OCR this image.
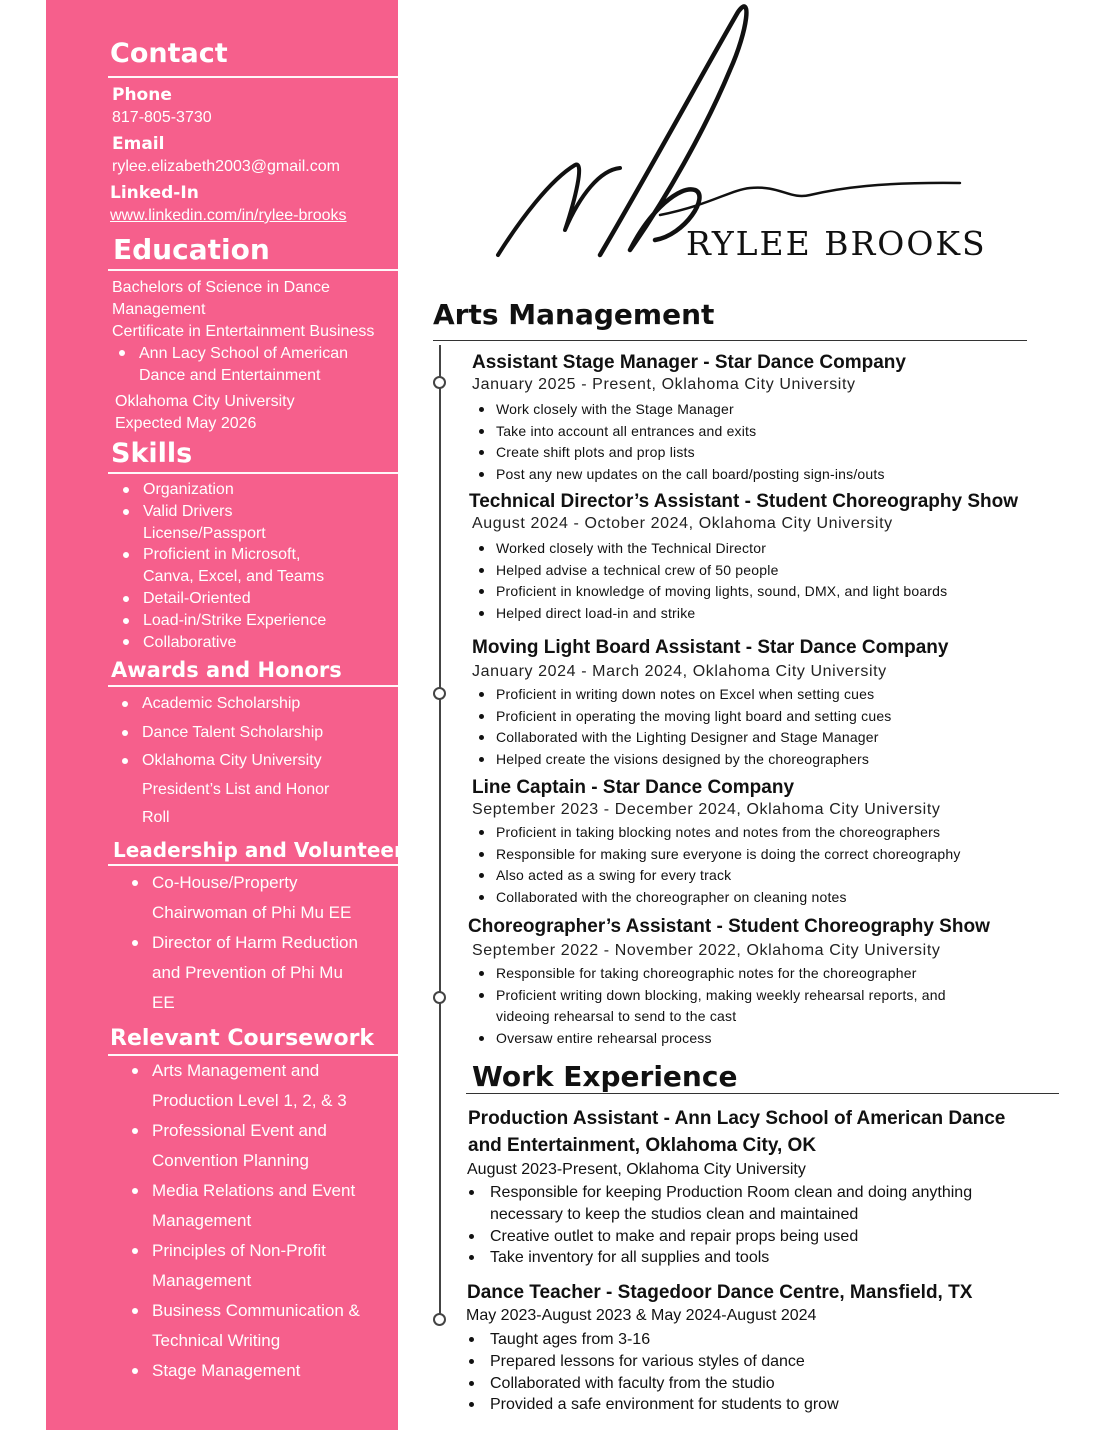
Contact
Phone
817-805-3730
Email
rylee.elizabeth2003@gmail.com
Linked-In
www.linkedin.com/in/rylee-brooks
Education
Bachelors of Science in Dance
Management
Certificate in Entertainment Business
Ann Lacy School of American
Dance and Entertainment
Oklahoma City University
Expected May 2026
Skills
Organization
Valid Drivers
License/Passport
Proficient in Microsoft,
Canva, Excel, and Teams
Detail-Oriented
Load-in/Strike Experience
Collaborative
Awards and Honors
Academic Scholarship
Dance Talent Scholarship
Oklahoma City University
President’s List and Honor
Roll
Leadership and Volunteer
Co-House/Property
Chairwoman of Phi Mu EE
Director of Harm Reduction
and Prevention of Phi Mu
EE
Relevant Coursework
Arts Management and
Production Level 1, 2, & 3
Professional Event and
Convention Planning
Media Relations and Event
Management
Principles of Non-Profit
Management
Business Communication &
Technical Writing
Stage Management
RYLEE BROOKS
Arts Management
Assistant Stage Manager - Star Dance Company
January 2025 - Present, Oklahoma City University
Work closely with the Stage Manager
Take into account all entrances and exits
Create shift plots and prop lists
Post any new updates on the call board/posting sign-ins/outs
Technical Director’s Assistant - Student Choreography Show
August 2024 - October 2024, Oklahoma City University
Worked closely with the Technical Director
Helped advise a technical crew of 50 people
Proficient in knowledge of moving lights, sound, DMX, and light boards
Helped direct load-in and strike
Moving Light Board Assistant - Star Dance Company
January 2024 - March 2024, Oklahoma City University
Proficient in writing down notes on Excel when setting cues
Proficient in operating the moving light board and setting cues
Collaborated with the Lighting Designer and Stage Manager
Helped create the visions designed by the choreographers
Line Captain - Star Dance Company
September 2023 - December 2024, Oklahoma City University
Proficient in taking blocking notes and notes from the choreographers
Responsible for making sure everyone is doing the correct choreography
Also acted as a swing for every track
Collaborated with the choreographer on cleaning notes
Choreographer’s Assistant - Student Choreography Show
September 2022 - November 2022, Oklahoma City University
Responsible for taking choreographic notes for the choreographer
Proficient writing down blocking, making weekly rehearsal reports, and videoing rehearsal to send to the cast
Oversaw entire rehearsal process
Work Experience
Production Assistant - Ann Lacy School of American Dance
and Entertainment, Oklahoma City, OK
August 2023-Present, Oklahoma City University
Responsible for keeping Production Room clean and doing anything necessary to keep the studios clean and maintained
Creative outlet to make and repair props being used
Take inventory for all supplies and tools
Dance Teacher - Stagedoor Dance Centre, Mansfield, TX
May 2023-August 2023 & May 2024-August 2024
Taught ages from 3-16
Prepared lessons for various styles of dance
Collaborated with faculty from the studio
Provided a safe environment for students to grow
